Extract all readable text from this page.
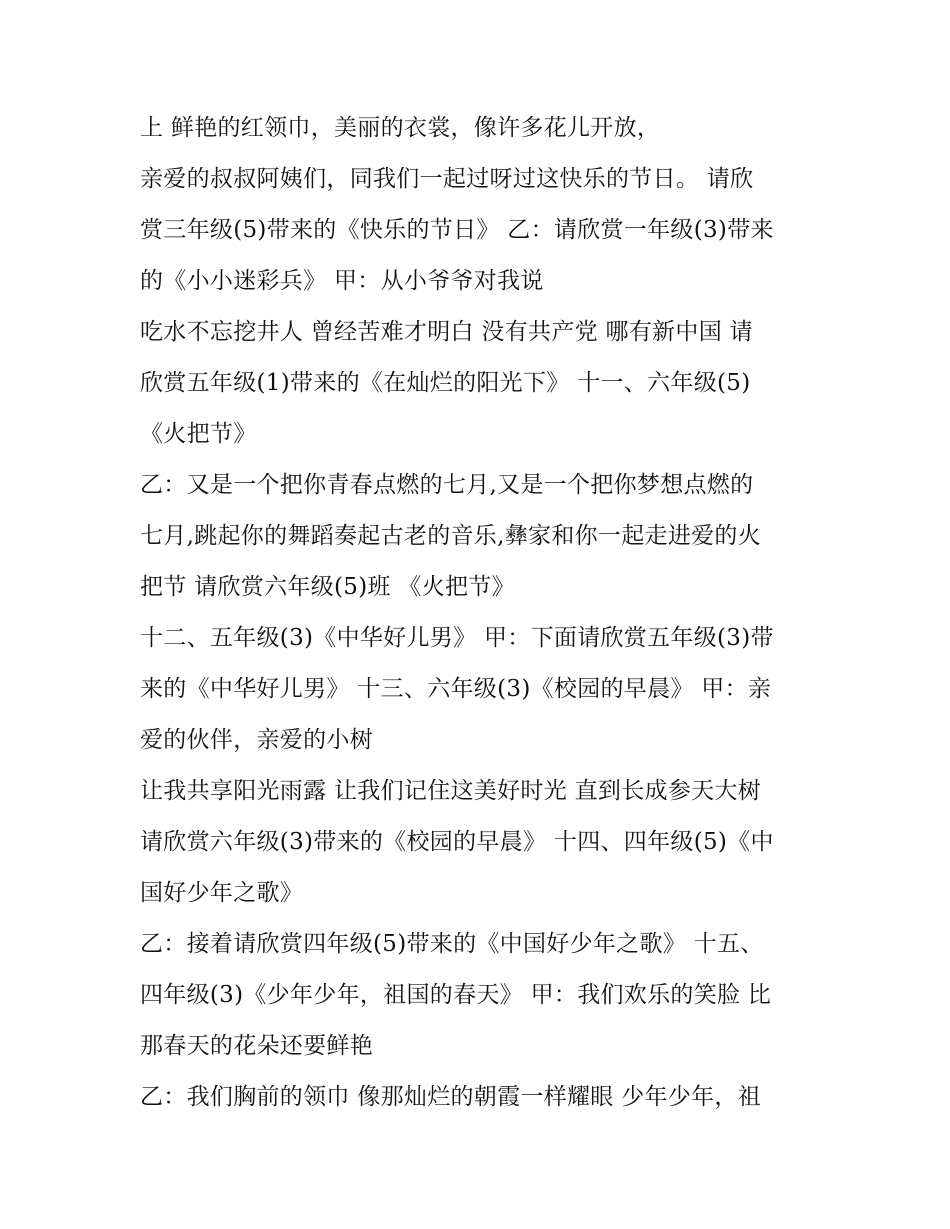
上 鲜艳的红领巾，美丽的衣裳，像许多花儿开放，
亲爱的叔叔阿姨们，同我们一起过呀过这快乐的节日。 请欣
赏三年级(5)带来的《快乐的节日》 乙：请欣赏一年级(3)带来
的《小小迷彩兵》 甲：从小爷爷对我说
吃水不忘挖井人 曾经苦难才明白 没有共产党 哪有新中国 请
欣赏五年级(1)带来的《在灿烂的阳光下》 十一、六年级(5)
《火把节》
乙：又是一个把你青春点燃的七月,又是一个把你梦想点燃的
七月,跳起你的舞蹈奏起古老的音乐,彝家和你一起走进爱的火
把节 请欣赏六年级(5)班 《火把节》
十二、五年级(3)《中华好儿男》 甲：下面请欣赏五年级(3)带
来的《中华好儿男》 十三、六年级(3)《校园的早晨》 甲：亲
爱的伙伴，亲爱的小树
让我共享阳光雨露 让我们记住这美好时光 直到长成参天大树
请欣赏六年级(3)带来的《校园的早晨》 十四、四年级(5)《中
国好少年之歌》
乙：接着请欣赏四年级(5)带来的《中国好少年之歌》 十五、
四年级(3)《少年少年，祖国的春天》 甲：我们欢乐的笑脸 比
那春天的花朵还要鲜艳
乙：我们胸前的领巾 像那灿烂的朝霞一样耀眼 少年少年，祖
